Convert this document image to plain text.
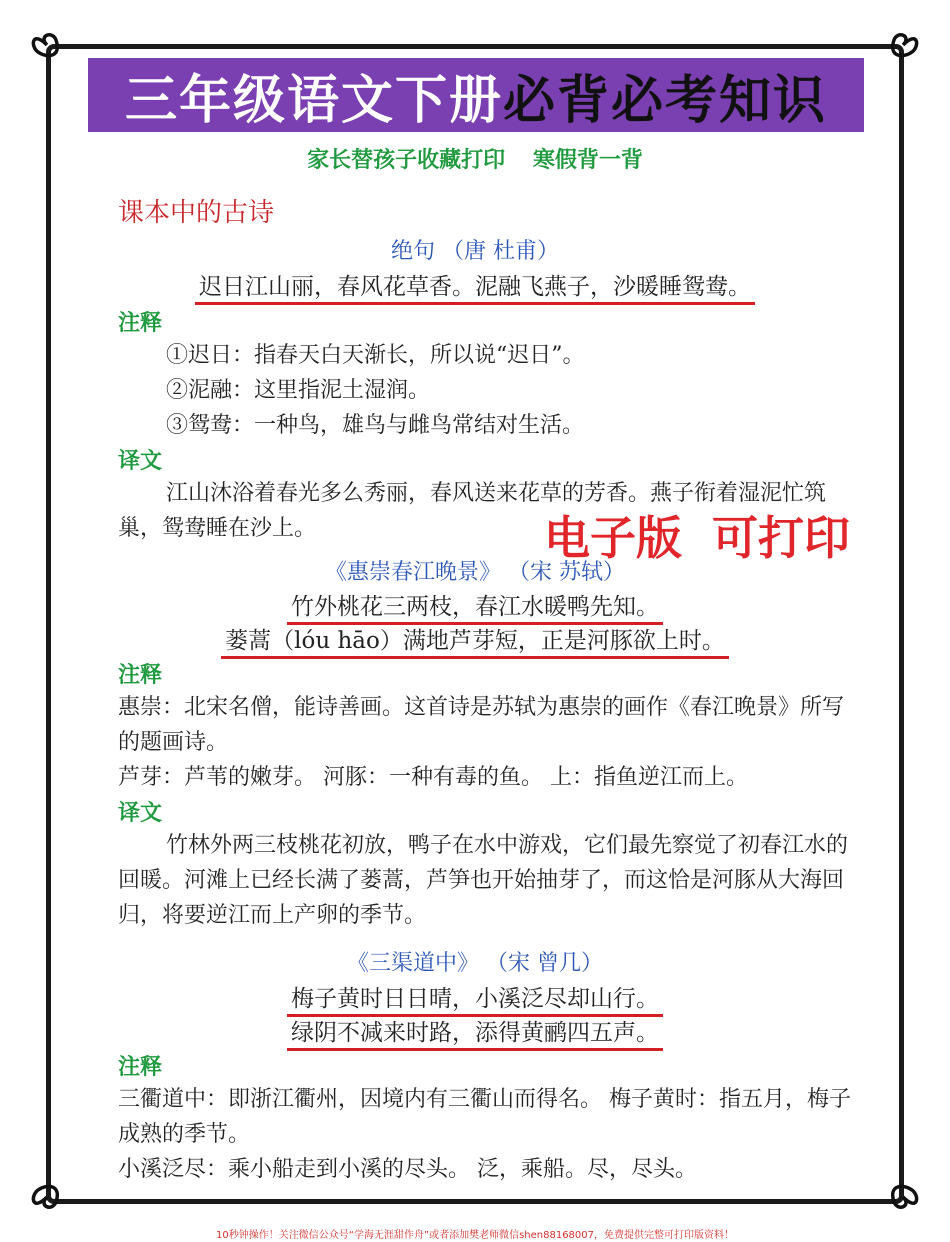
三年级语文下册 必背必考知识
家长替孩子收藏打印 寒假背一背
课本中的古诗
绝句 （唐 杜甫）
迟日江山丽，春风花草香。泥融飞燕子，沙暖睡鸳鸯。
注释
①迟日：指春天白天渐长，所以说“迟日”。
②泥融：这里指泥土湿润。
③鸳鸯：一种鸟，雄鸟与雌鸟常结对生活。
译文
江山沐浴着春光多么秀丽，春风送来花草的芳香。燕子衔着湿泥忙筑巢，鸳鸯睡在沙上。	电子版 可打印
《惠崇春江晚景》 （宋 苏轼）
竹外桃花三两枝，春江水暖鸭先知。
蒌蒿（lóu hāo）满地芦芽短，正是河豚欲上时。
注释
惠崇：北宋名僧，能诗善画。这首诗是苏轼为惠崇的画作《春江晚景》所写的题画诗。
芦芽：芦苇的嫩芽。 河豚：一种有毒的鱼。 上：指鱼逆江而上。
译文
竹林外两三枝桃花初放，鸭子在水中游戏，它们最先察觉了初春江水的回暖。河滩上已经长满了蒌蒿，芦笋也开始抽芽了，而这恰是河豚从大海回归，将要逆江而上产卵的季节。
《三渠道中》 （宋 曾几）
梅子黄时日日晴，小溪泛尽却山行。
绿阴不减来时路，添得黄鹂四五声。
注释
三衢道中：即浙江衢州，因境内有三衢山而得名。 梅子黄时：指五月，梅子成熟的季节。
小溪泛尽：乘小船走到小溪的尽头。 泛，乘船。尽，尽头。
10秒钟操作！关注微信公众号“学海无涯甜作舟”或者添加樊老师微信shen88168007，免费提供完整可打印版资料！
